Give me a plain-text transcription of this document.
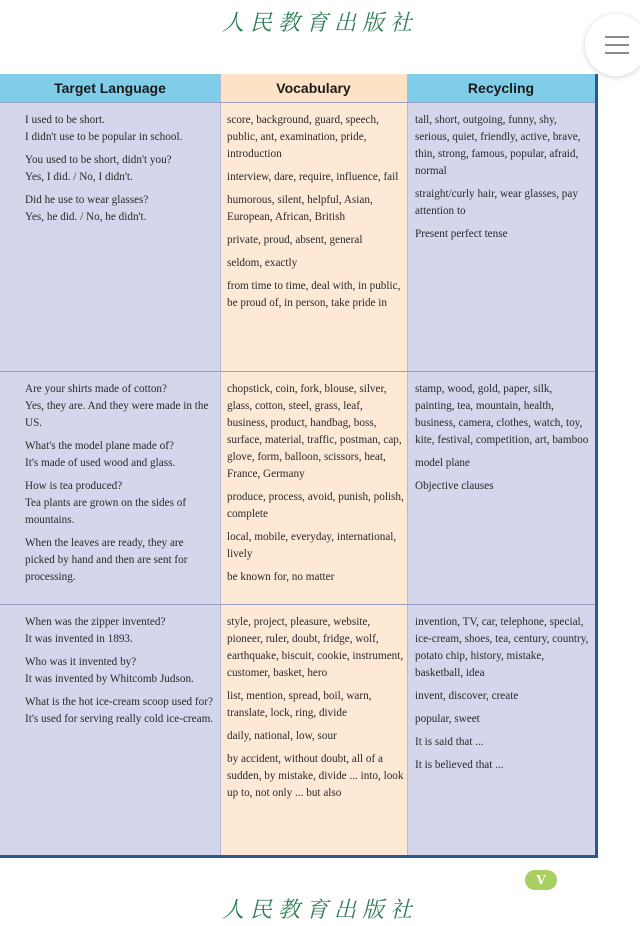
人民教育出版社
Target Language	Vocabulary	Recycling

I used to be short.
I didn't use to be popular in school.

You used to be short, didn't you?
Yes, I did. / No, I didn't.

Did he use to wear glasses?
Yes, he did. / No, he didn't.

score, background, guard, speech, public, ant, examination, pride, introduction

interview, dare, require, influence, fail

humorous, silent, helpful, Asian, European, African, British

private, proud, absent, general

seldom, exactly

from time to time, deal with, in public, be proud of, in person, take pride in

tall, short, outgoing, funny, shy, serious, quiet, friendly, active, brave, thin, strong, famous, popular, afraid, normal

straight/curly hair, wear glasses, pay attention to

Present perfect tense

Are your shirts made of cotton?
Yes, they are. And they were made in the US.

What's the model plane made of?
It's made of used wood and glass.

How is tea produced?
Tea plants are grown on the sides of mountains.

When the leaves are ready, they are picked by hand and then are sent for processing.

chopstick, coin, fork, blouse, silver, glass, cotton, steel, grass, leaf, business, product, handbag, boss, surface, material, traffic, postman, cap, glove, form, balloon, scissors, heat, France, Germany

produce, process, avoid, punish, polish, complete

local, mobile, everyday, international, lively

be known for, no matter

stamp, wood, gold, paper, silk, painting, tea, mountain, health, business, camera, clothes, watch, toy, kite, festival, competition, art, bamboo

model plane

Objective clauses

When was the zipper invented?
It was invented in 1893.

Who was it invented by?
It was invented by Whitcomb Judson.

What is the hot ice-cream scoop used for?
It's used for serving really cold ice-cream.

style, project, pleasure, website, pioneer, ruler, doubt, fridge, wolf, earthquake, biscuit, cookie, instrument, customer, basket, hero

list, mention, spread, boil, warn, translate, lock, ring, divide

daily, national, low, sour

by accident, without doubt, all of a sudden, by mistake, divide ... into, look up to, not only ... but also

invention, TV, car, telephone, special, ice-cream, shoes, tea, century, country, potato chip, history, mistake, basketball, idea

invent, discover, create

popular, sweet

It is said that ...

It is believed that ...

V
人民教育出版社
